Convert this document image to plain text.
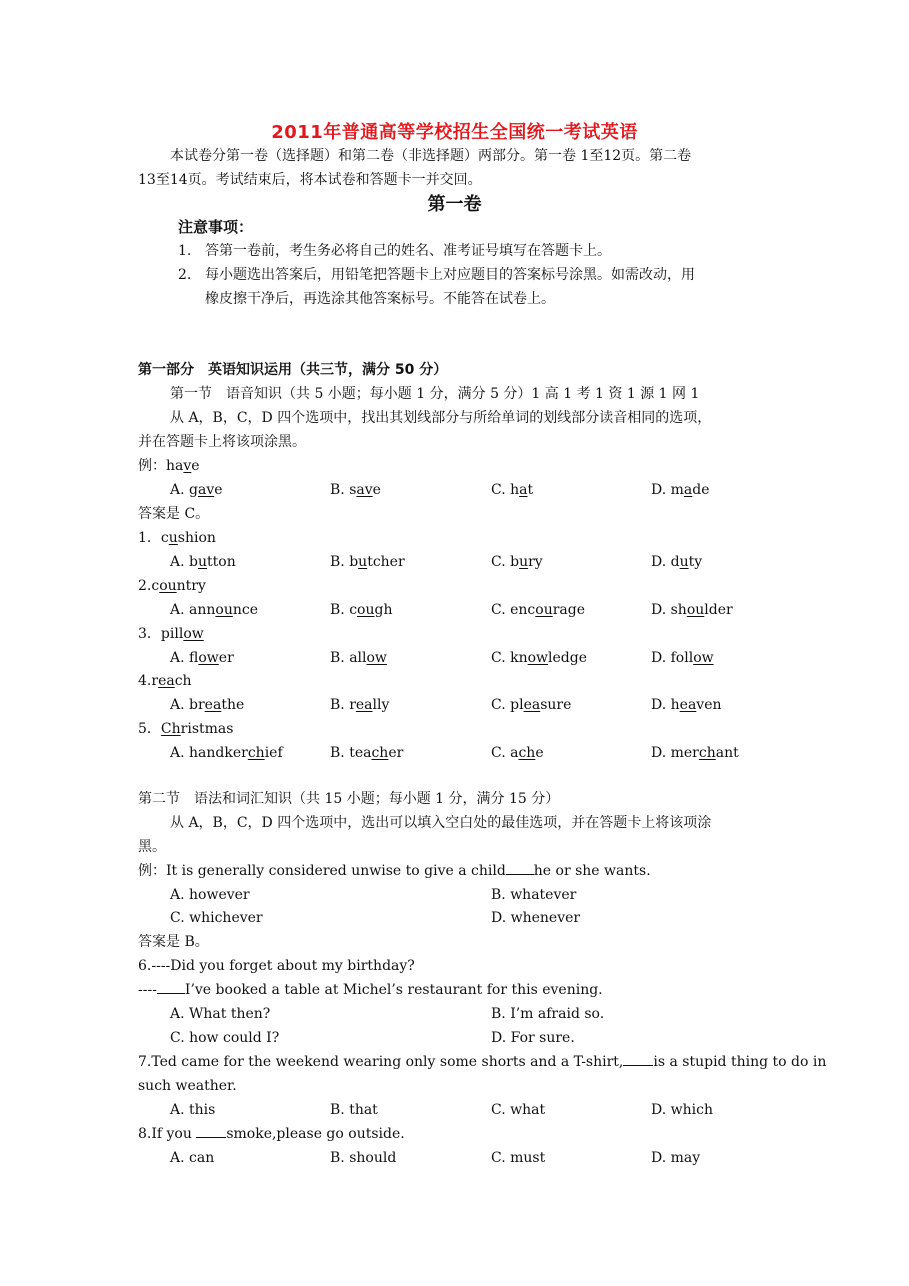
2011年普通高等学校招生全国统一考试英语
本试卷分第一卷（选择题）和第二卷（非选择题）两部分。第一卷 1至12页。第二卷
13至14页。考试结束后，将本试卷和答题卡一并交回。
第一卷
注意事项：
1. 答第一卷前，考生务必将自己的姓名、准考证号填写在答题卡上。
2. 每小题选出答案后，用铅笔把答题卡上对应题目的答案标号涂黑。如需改动，用
橡皮擦干净后，再选涂其他答案标号。不能答在试卷上。
第一部分　英语知识运用（共三节，满分 50 分）
第一节　语音知识（共 5 小题；每小题 1 分，满分 5 分）1 高 1 考 1 资 1 源 1 网 1
从 A，B，C，D 四个选项中，找出其划线部分与所给单词的划线部分读音相同的选项，
并在答题卡上将该项涂黑。
例：have
A. gave	B. save	C. hat	D. made
答案是 C。
1．cushion
A. button	B. butcher	C. bury	D. duty
2.country
A. announce	B. cough	C. encourage	D. shoulder
3．pillow
A. flower	B. allow	C. knowledge	D. follow
4.reach
A. breathe	B. really	C. pleasure	D. heaven
5．Christmas
A. handkerchief	B. teacher	C. ache	D. merchant
第二节　语法和词汇知识（共 15 小题；每小题 1 分，满分 15 分）
从 A，B，C，D 四个选项中，选出可以填入空白处的最佳选项，并在答题卡上将该项涂
黑。
例：It is generally considered unwise to give a child he or she wants.
A. however	B. whatever
C. whichever	D. whenever
答案是 B。
6.----Did you forget about my birthday?
---- I’ve booked a table at Michel’s restaurant for this evening.
A. What then?	B. I’m afraid so.
C. how could I?	D. For sure.
7.Ted came for the weekend wearing only some shorts and a T-shirt, is a stupid thing to do in
such weather.
A. this	B. that	C. what	D. which
8.If you smoke,please go outside.
A. can	B. should	C. must	D. may
